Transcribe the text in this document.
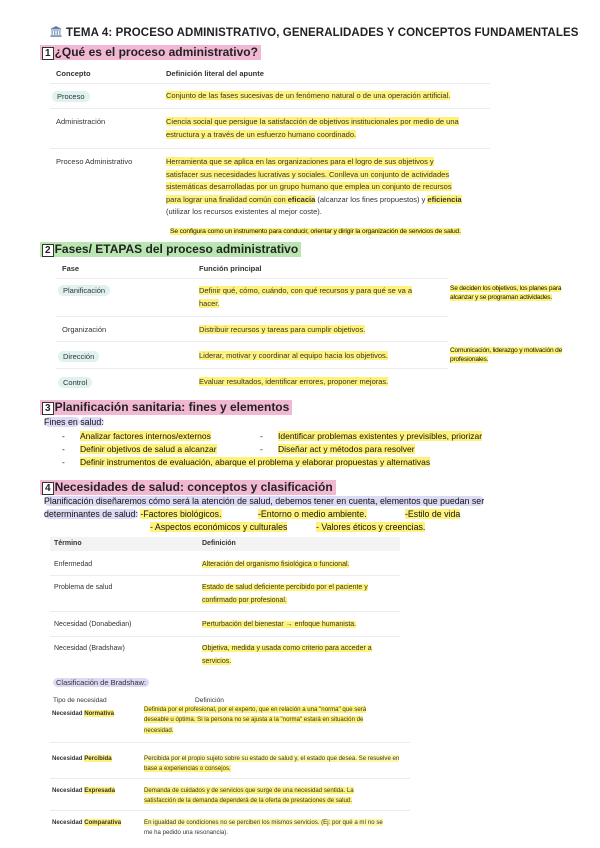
TEMA 4: PROCESO ADMINISTRATIVO, GENERALIDADES Y CONCEPTOS FUNDAMENTALES
1 ¿Qué es el proceso administrativo?
Concepto	Definición literal del apunte
Proceso	Conjunto de las fases sucesivas de un fenómeno natural o de una operación artificial.
Administración	Ciencia social que persigue la satisfacción de objetivos institucionales por medio de una
estructura y a través de un esfuerzo humano coordinado.
Proceso Administrativo	Herramienta que se aplica en las organizaciones para el logro de sus objetivos y
satisfacer sus necesidades lucrativas y sociales. Conlleva un conjunto de actividades
sistemáticas desarrolladas por un grupo humano que emplea un conjunto de recursos
para lograr una finalidad común con eficacia (alcanzar los fines propuestos) y eficiencia
(utilizar los recursos existentes al mejor coste).
Se configura como un instrumento para conducir, orientar y dirigir la organización de servicios de salud.
2 Fases/ ETAPAS del proceso administrativo
Fase	Función principal
Planificación	Definir qué, cómo, cuándo, con qué recursos y para qué se va a
hacer.
Se deciden los objetivos, los planes para alcanzar y se programan actividades.
Organización	Distribuir recursos y tareas para cumplir objetivos.
Dirección	Liderar, motivar y coordinar al equipo hacia los objetivos.
Comunicación, liderazgo y motivación de profesionales.
Control	Evaluar resultados, identificar errores, proponer mejoras.
3 Planificación sanitaria: fines y elementos
Fines en salud:
- Analizar factores internos/externos	- Identificar problemas existentes y previsibles, priorizar
- Definir objetivos de salud a alcanzar	- Diseñar act y métodos para resolver
- Definir instrumentos de evaluación, abarque el problema y elaborar propuestas y alternativas
4 Necesidades de salud: conceptos y clasificación
Planificación diseñaremos cómo será la atención de salud, debemos tener en cuenta, elementos que puedan ser
determinantes de salud: -Factores biológicos.	-Entorno o medio ambiente.	-Estilo de vida
- Aspectos económicos y culturales	- Valores éticos y creencias.
Término	Definición
Enfermedad	Alteración del organismo fisiológica o funcional.
Problema de salud	Estado de salud deficiente percibido por el paciente y
confirmado por profesional.
Necesidad (Donabedian)	Perturbación del bienestar → enfoque humanista.
Necesidad (Bradshaw)	Objetiva, medida y usada como criterio para acceder a
servicios.
Clasificación de Bradshaw:
Tipo de necesidad	Definición
Necesidad Normativa
Definida por el profesional, por el experto, que en relación a una "norma" que será
deseable u óptima. Si la persona no se ajusta a la "norma" estará en situación de
necesidad.
Necesidad Percibida	Percibida por el propio sujeto sobre su estado de salud y, el estado que desea. Se resuelve en
base a experiencias o consejos.
Necesidad Expresada	Demanda de cuidados y de servicios que surge de una necesidad sentida. La
satisfacción de la demanda dependerá de la oferta de prestaciones de salud.
Necesidad Comparativa	En igualdad de condiciones no se perciben los mismos servicios. (Ej: por qué a mí no se
me ha pedido una resonancia).
